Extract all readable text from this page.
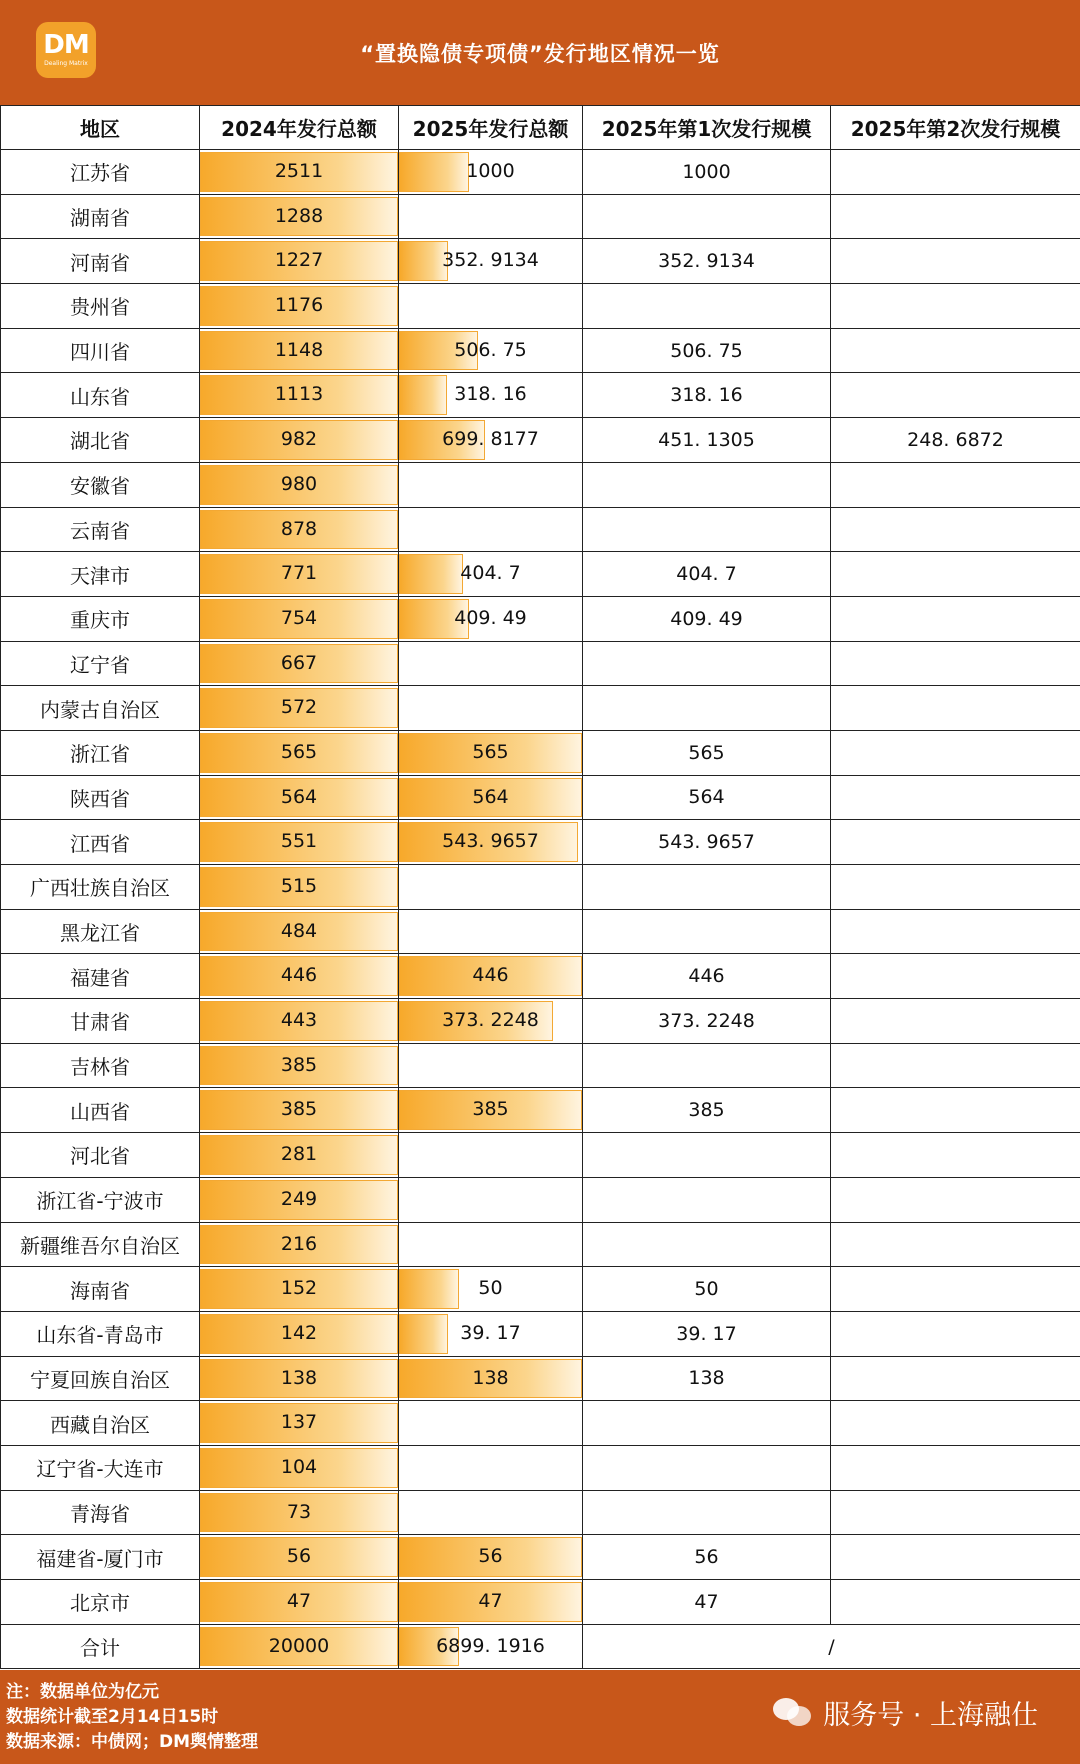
DM
Dealing Matrix	“置换隐债专项债”发行地区情况一览
地区	2024年发行总额	2025年发行总额	2025年第1次发行规模	2025年第2次发行规模
江苏省	2511	1000	1000	
湖南省	1288			

河南省	1227	352. 9134	352. 9134	
贵州省	1176			

四川省	1148	506. 75	506. 75	
山东省	1113	318. 16	318. 16	
湖北省	982	699. 8177	451. 1305	248. 6872
安徽省	980			

云南省	878			

天津市	771	404. 7	404. 7	
重庆市	754	409. 49	409. 49	
辽宁省	667			

内蒙古自治区	572			

浙江省	565	565	565	
陕西省	564	564	564	
江西省	551	543. 9657	543. 9657	
广西壮族自治区	515			

黑龙江省	484			

福建省	446	446	446	
甘肃省	443	373. 2248	373. 2248	
吉林省	385			

山西省	385	385	385	
河北省	281			

浙江省-宁波市	249			

新疆维吾尔自治区	216			

海南省	152	50	50	
山东省-青岛市	142	39. 17	39. 17	
宁夏回族自治区	138	138	138	
西藏自治区	137			

辽宁省-大连市	104			

青海省	73			

福建省-厦门市	56	56	56	
北京市	47	47	47	
合计	20000	6899. 1916	/	
注：数据单位为亿元
数据统计截至2月14日15时
数据来源：中债网；DM舆情整理
服务号 · 上海融仕
